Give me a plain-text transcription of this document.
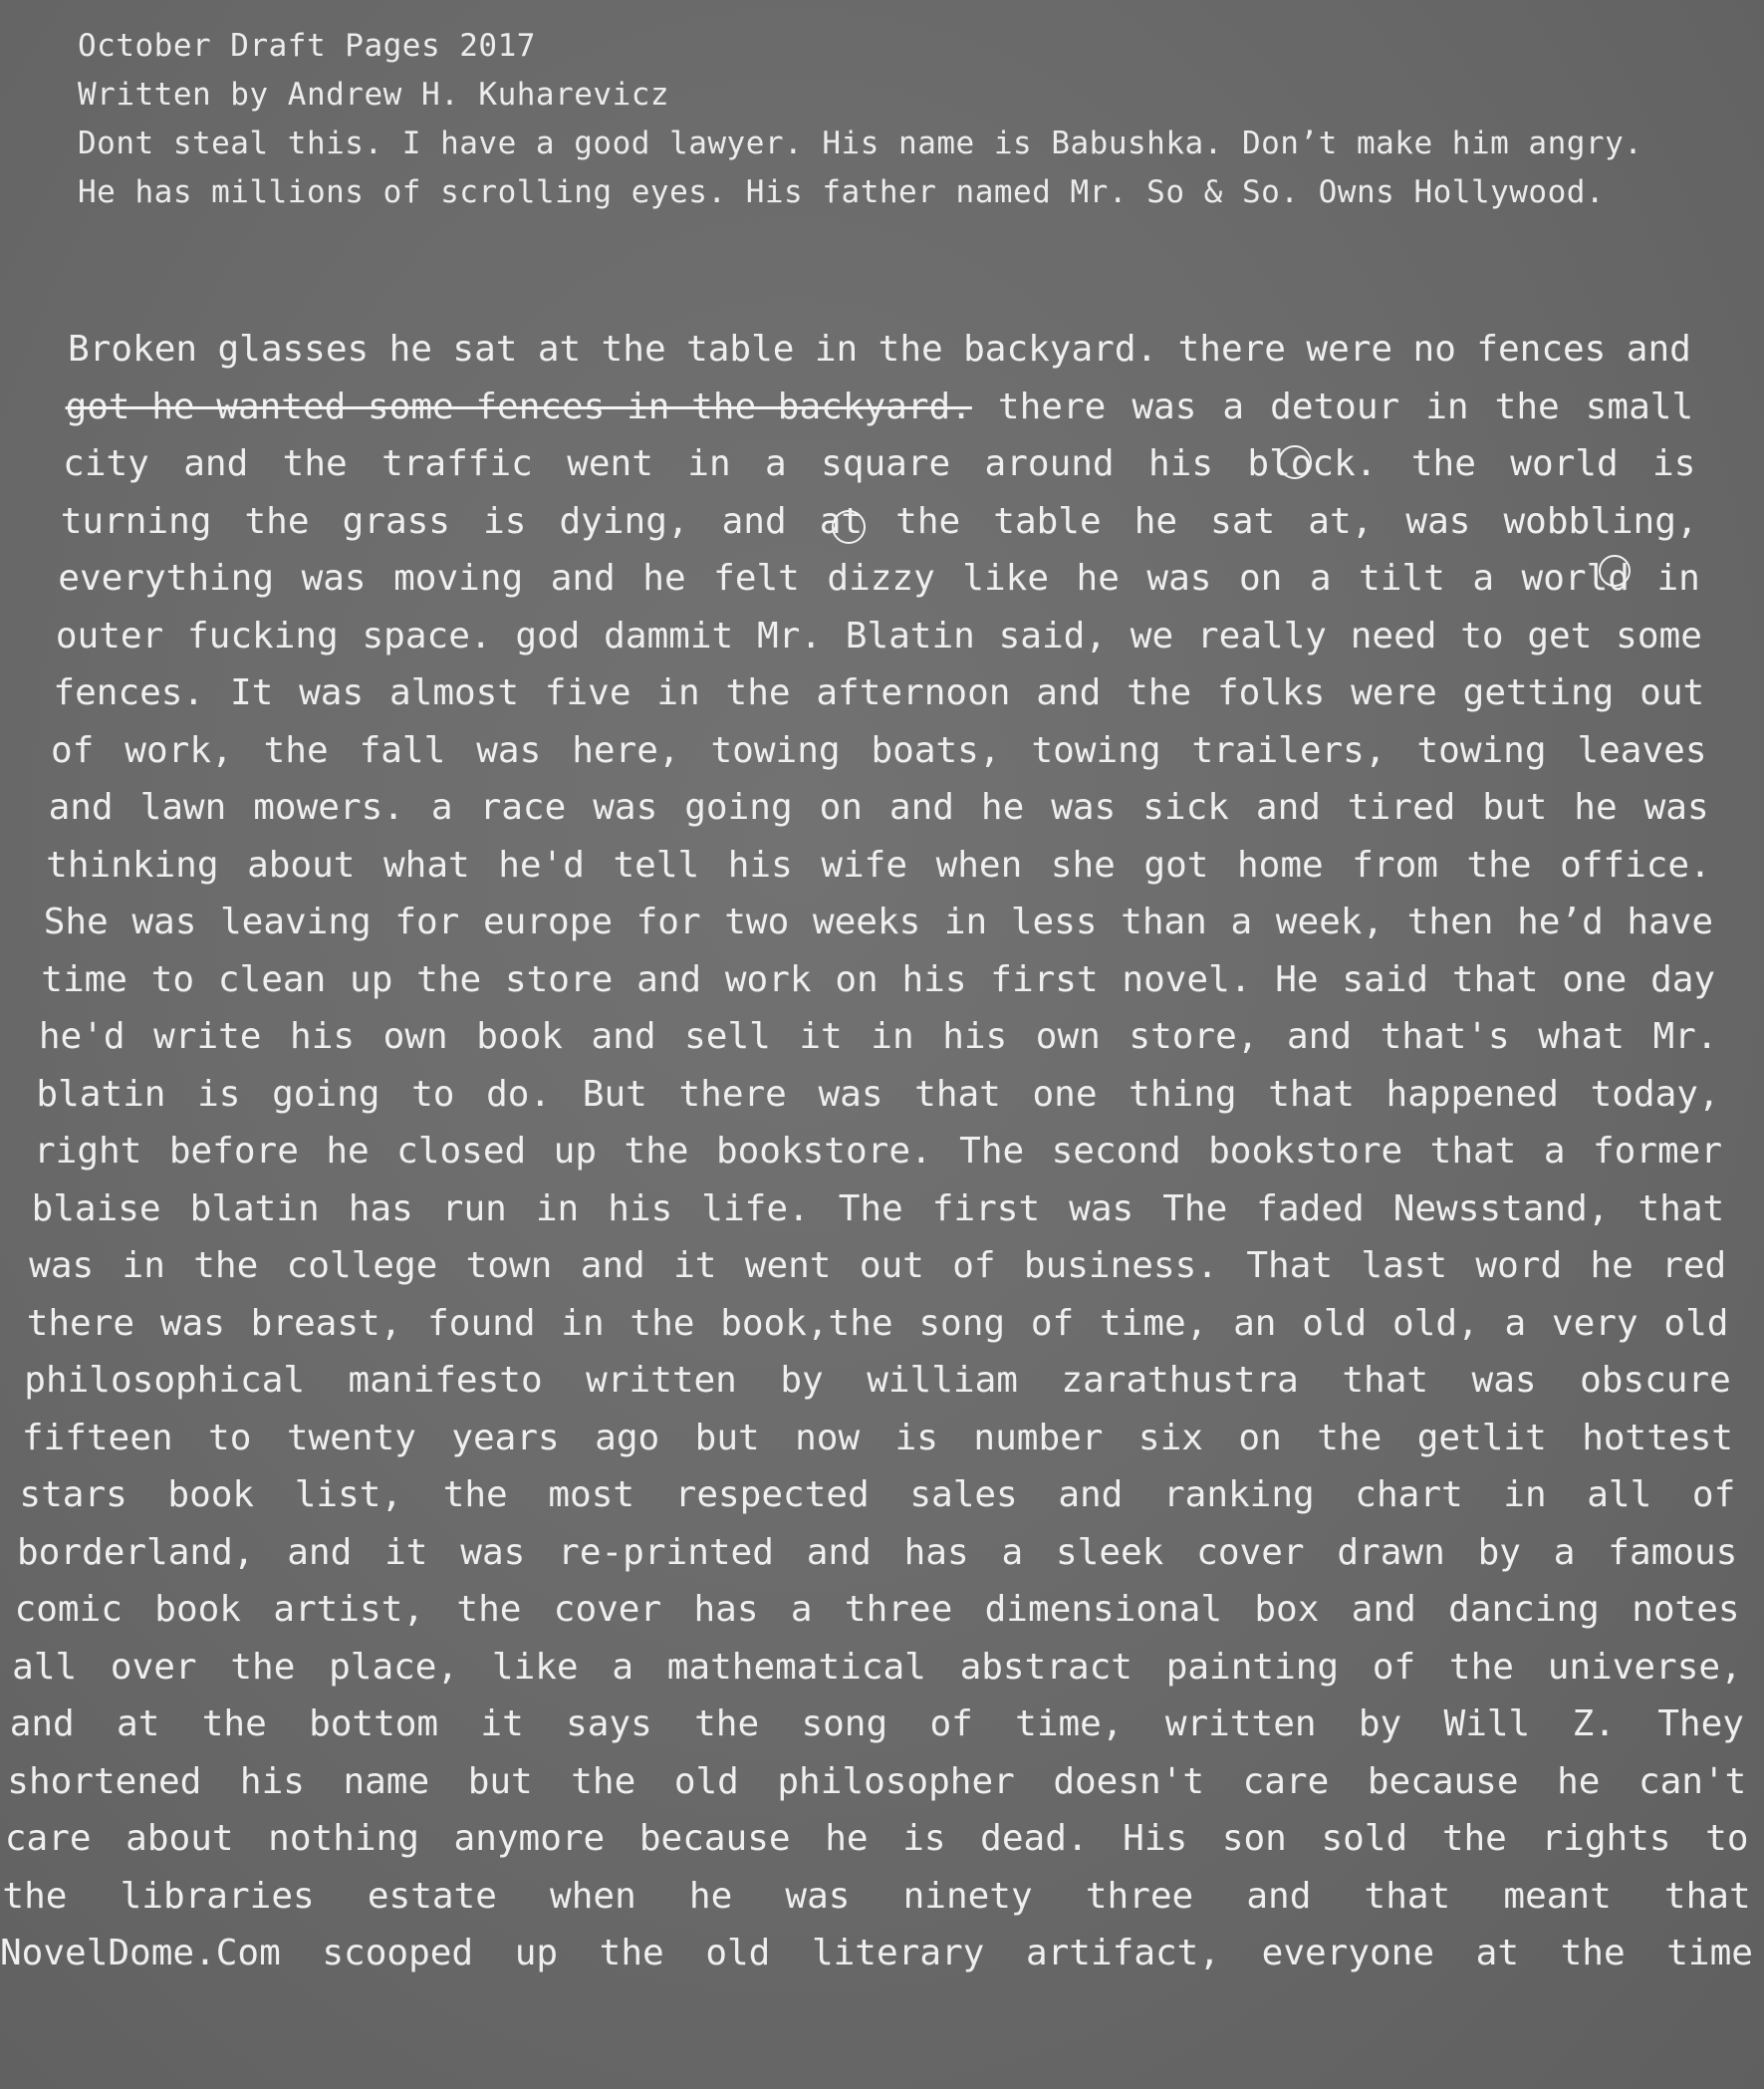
October Draft Pages 2017
Written by Andrew H. Kuharevicz
Dont steal this. I have a good lawyer. His name is Babushka. Don’t make him angry.
He has millions of scrolling eyes. His father named Mr. So & So. Owns Hollywood.
Broken glasses he sat at the table in the backyard. there were no fences and
got he wanted some fences in the backyard. there was a detour in the small
city and the traffic went in a square around his block. the world is
turning the grass is dying, and at the table he sat at, was wobbling,
everything was moving and he felt dizzy like he was on a tilt a world in
outer fucking space. god dammit Mr. Blatin said, we really need to get some
fences. It was almost five in the afternoon and the folks were getting out
of work, the fall was here, towing boats, towing trailers, towing leaves
and lawn mowers. a race was going on and he was sick and tired but he was
thinking about what he'd tell his wife when she got home from the office.
She was leaving for europe for two weeks in less than a week, then he’d have
time to clean up the store and work on his first novel. He said that one day
he'd write his own book and sell it in his own store, and that's what Mr.
blatin is going to do. But there was that one thing that happened today,
right before he closed up the bookstore. The second bookstore that a former
blaise blatin has run in his life. The first was The faded Newsstand, that
was in the college town and it went out of business. That last word he red
there was breast, found in the book,the song of time, an old old, a very old
philosophical manifesto written by william zarathustra that was obscure
fifteen to twenty years ago but now is number six on the getlit hottest
stars book list, the most respected sales and ranking chart in all of
borderland, and it was re-printed and has a sleek cover drawn by a famous
comic book artist, the cover has a three dimensional box and dancing notes
all over the place, like a mathematical abstract painting of the universe,
and at the bottom it says the song of time, written by Will Z. They
shortened his name but the old philosopher doesn't care because he can't
care about nothing anymore because he is dead. His son sold the rights to
the libraries estate when he was ninety three and that meant that
NovelDome.Com scooped up the old literary artifact, everyone at the time
